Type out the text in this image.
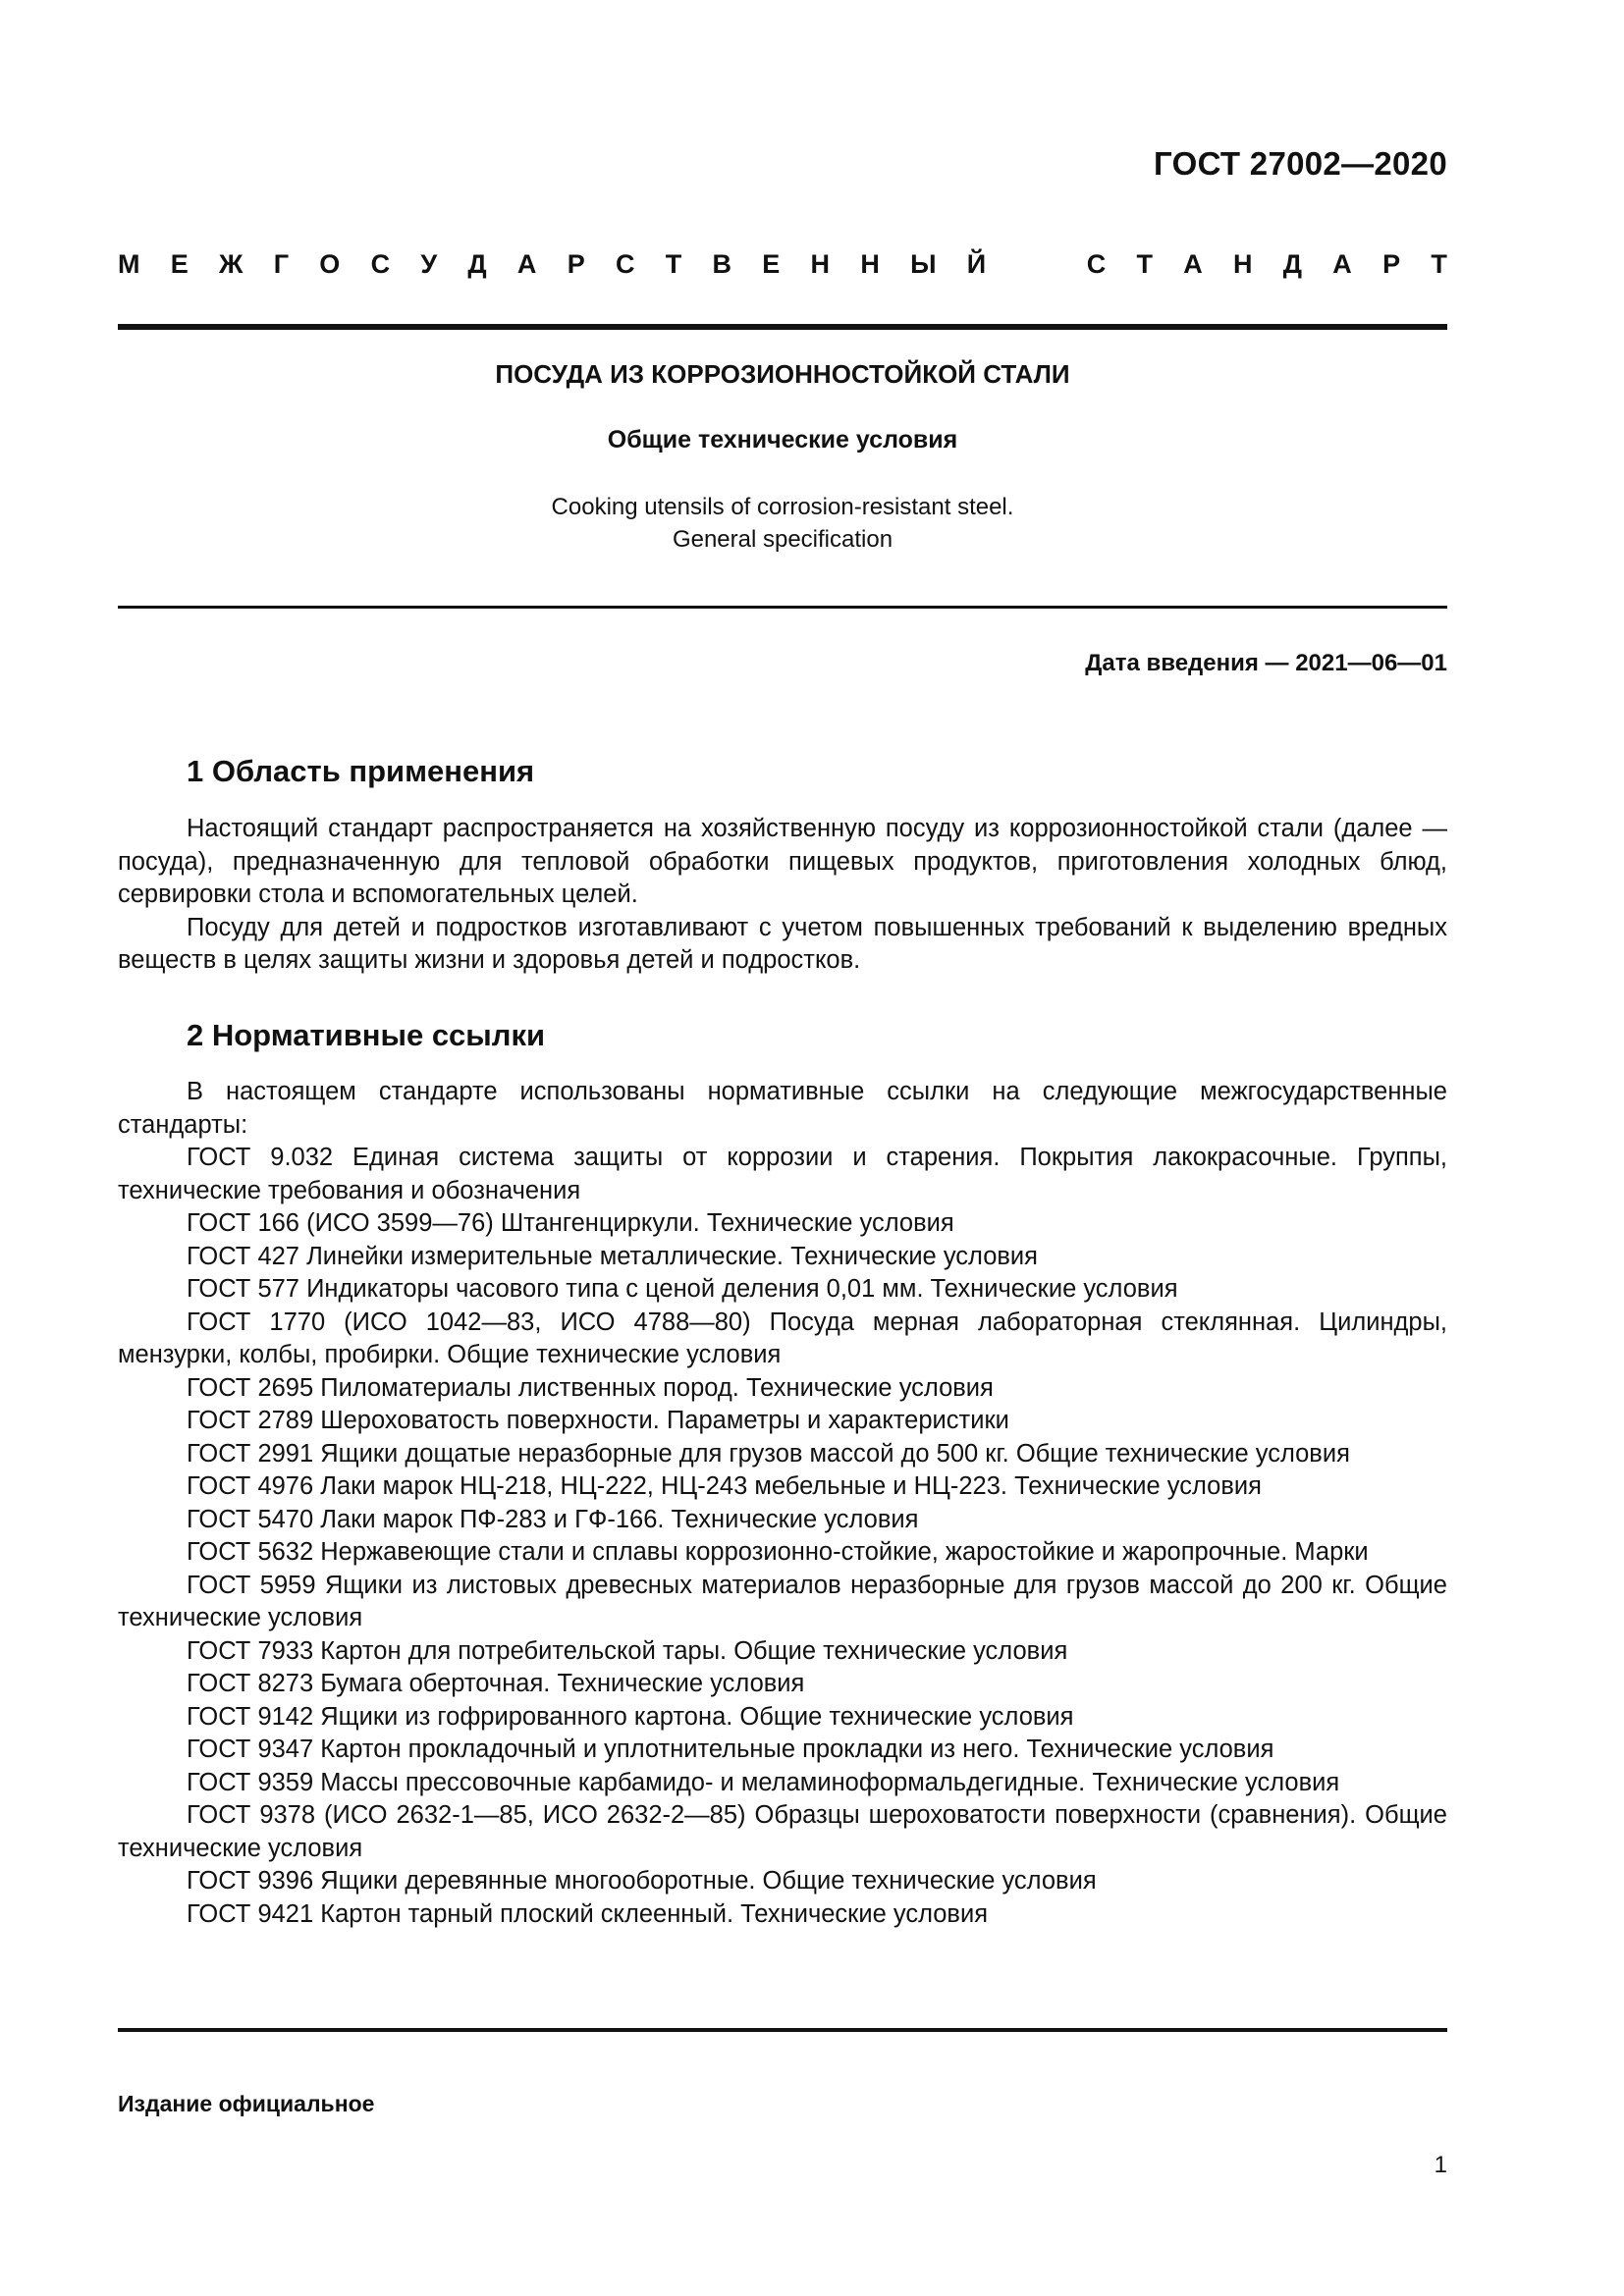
ГОСТ 27002—2020
М Е Ж Г О С У Д А Р С Т В Е Н Н Ы Й	С Т А Н Д А Р Т
ПОСУДА ИЗ КОРРОЗИОННОСТОЙКОЙ СТАЛИ
Общие технические условия
Cooking utensils of corrosion-resistant steel.
General specification
Дата введения — 2021—06—01
1 Область применения

Настоящий стандарт распространяется на хозяйственную посуду из коррозионностойкой стали (далее — посуда), предназначенную для тепловой обработки пищевых продуктов, приготовления холодных блюд, сервировки стола и вспомогательных целей.

Посуду для детей и подростков изготавливают с учетом повышенных требований к выделению вредных веществ в целях защиты жизни и здоровья детей и подростков.

2 Нормативные ссылки

В настоящем стандарте использованы нормативные ссылки на следующие межгосударственные стандарты:

ГОСТ 9.032 Единая система защиты от коррозии и старения. Покрытия лакокрасочные. Группы, технические требования и обозначения

ГОСТ 166 (ИСО 3599—76) Штангенциркули. Технические условия

ГОСТ 427 Линейки измерительные металлические. Технические условия

ГОСТ 577 Индикаторы часового типа с ценой деления 0,01 мм. Технические условия

ГОСТ 1770 (ИСО 1042—83, ИСО 4788—80) Посуда мерная лабораторная стеклянная. Цилиндры, мензурки, колбы, пробирки. Общие технические условия

ГОСТ 2695 Пиломатериалы лиственных пород. Технические условия

ГОСТ 2789 Шероховатость поверхности. Параметры и характеристики

ГОСТ 2991 Ящики дощатые неразборные для грузов массой до 500 кг. Общие технические условия

ГОСТ 4976 Лаки марок НЦ-218, НЦ-222, НЦ-243 мебельные и НЦ-223. Технические условия

ГОСТ 5470 Лаки марок ПФ-283 и ГФ-166. Технические условия

ГОСТ 5632 Нержавеющие стали и сплавы коррозионно-стойкие, жаростойкие и жаропрочные. Марки

ГОСТ 5959 Ящики из листовых древесных материалов неразборные для грузов массой до 200 кг. Общие технические условия

ГОСТ 7933 Картон для потребительской тары. Общие технические условия

ГОСТ 8273 Бумага оберточная. Технические условия

ГОСТ 9142 Ящики из гофрированного картона. Общие технические условия

ГОСТ 9347 Картон прокладочный и уплотнительные прокладки из него. Технические условия

ГОСТ 9359 Массы прессовочные карбамидо- и меламиноформальдегидные. Технические условия

ГОСТ 9378 (ИСО 2632-1—85, ИСО 2632-2—85) Образцы шероховатости поверхности (сравнения). Общие технические условия

ГОСТ 9396 Ящики деревянные многооборотные. Общие технические условия

ГОСТ 9421 Картон тарный плоский склеенный. Технические условия

Издание официальное
1
